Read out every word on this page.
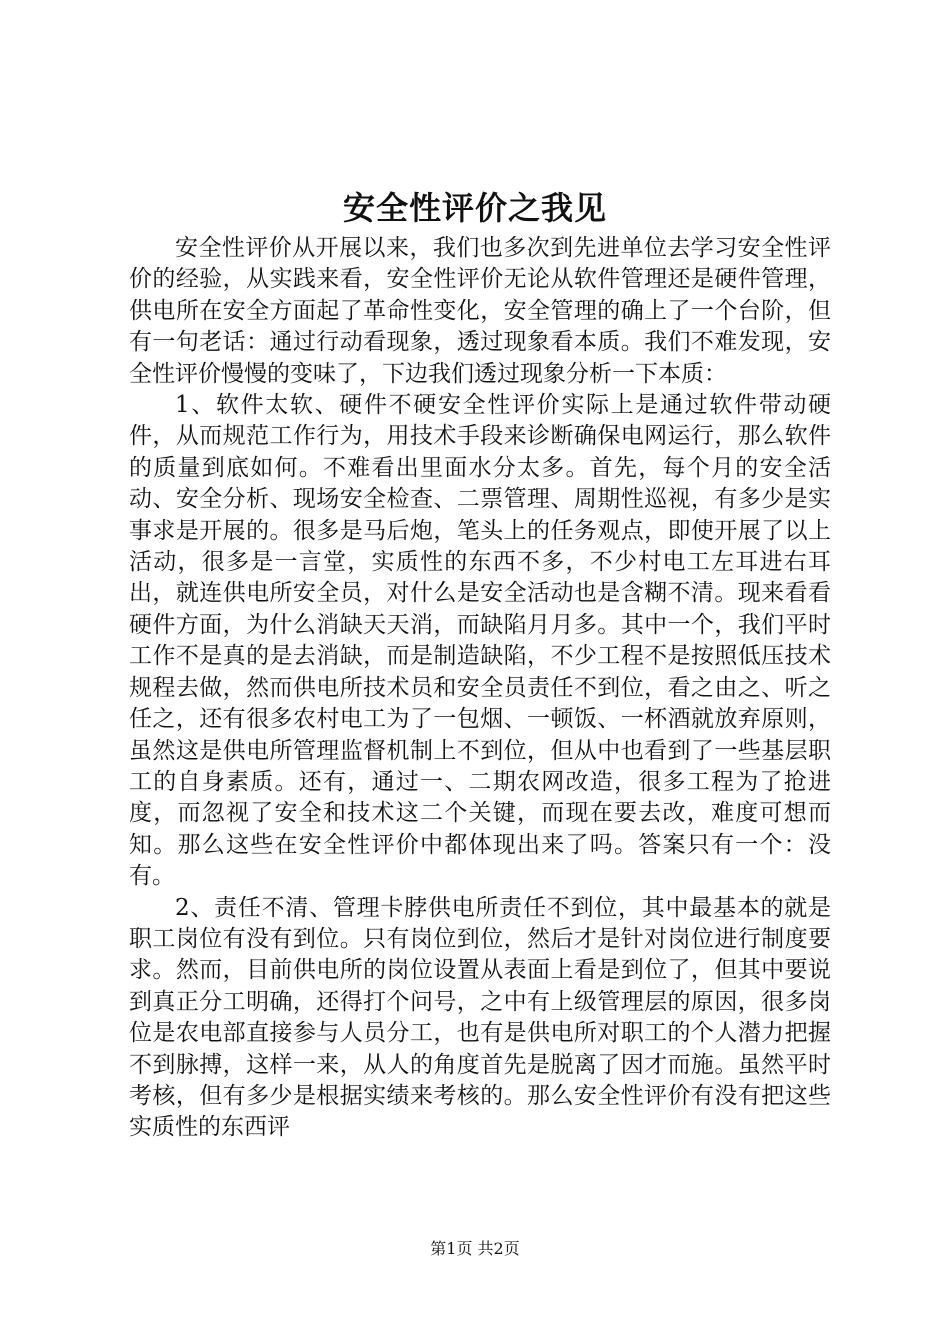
安全性评价之我见

安全性评价从开展以来，我们也多次到先进单位去学习安全性评价的经验，从实践来看，安全性评价无论从软件管理还是硬件管理，供电所在安全方面起了革命性变化，安全管理的确上了一个台阶，但有一句老话：通过行动看现象，透过现象看本质。我们不难发现，安全性评价慢慢的变味了，下边我们透过现象分析一下本质：

1、软件太软、硬件不硬安全性评价实际上是通过软件带动硬件，从而规范工作行为，用技术手段来诊断确保电网运行，那么软件的质量到底如何。不难看出里面水分太多。首先，每个月的安全活动、安全分析、现场安全检查、二票管理、周期性巡视，有多少是实事求是开展的。很多是马后炮，笔头上的任务观点，即使开展了以上活动，很多是一言堂，实质性的东西不多，不少村电工左耳进右耳出，就连供电所安全员，对什么是安全活动也是含糊不清。现来看看硬件方面，为什么消缺天天消，而缺陷月月多。其中一个，我们平时工作不是真的是去消缺，而是制造缺陷，不少工程不是按照低压技术规程去做，然而供电所技术员和安全员责任不到位，看之由之、听之任之，还有很多农村电工为了一包烟、一顿饭、一杯酒就放弃原则，虽然这是供电所管理监督机制上不到位，但从中也看到了一些基层职工的自身素质。还有，通过一、二期农网改造，很多工程为了抢进度，而忽视了安全和技术这二个关键，而现在要去改，难度可想而知。那么这些在安全性评价中都体现出来了吗。答案只有一个：没有。

2、责任不清、管理卡脖供电所责任不到位，其中最基本的就是职工岗位有没有到位。只有岗位到位，然后才是针对岗位进行制度要求。然而，目前供电所的岗位设置从表面上看是到位了，但其中要说到真正分工明确，还得打个问号，之中有上级管理层的原因，很多岗位是农电部直接参与人员分工，也有是供电所对职工的个人潜力把握不到脉搏，这样一来，从人的角度首先是脱离了因才而施。虽然平时考核，但有多少是根据实绩来考核的。那么安全性评价有没有把这些实质性的东西评

第1页 共2页
